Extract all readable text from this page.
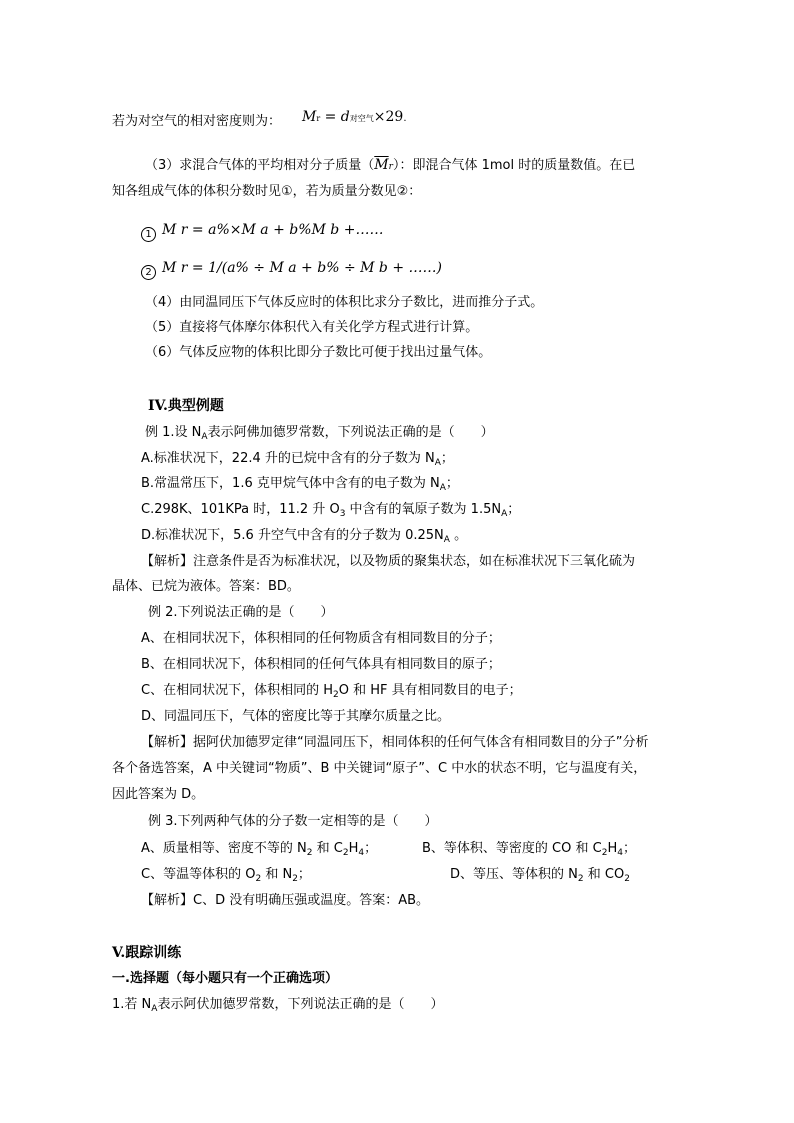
若为对空气的相对密度则为： Mr = d对空气×29.
（3）求混合气体的平均相对分子质量$(\overline{M}r)$：即混合气体 1mol 时的质量数值。在已
知各组成气体的体积分数时见①，若为质量分数见②：
1 M r = a%×M a + b%M b +……
2 M r = 1/(a% ÷ M a + b% ÷ M b + ……)
（4）由同温同压下气体反应时的体积比求分子数比，进而推分子式。
（5）直接将气体摩尔体积代入有关化学方程式进行计算。
（6）气体反应物的体积比即分子数比可便于找出过量气体。
IV.典型例题
例 1.设 $N_A$表示阿佛加德罗常数，下列说法正确的是（　　）
A.标准状况下，22.4 升的已烷中含有的分子数为 $N_A$；
B.常温常压下，1.6 克甲烷气体中含有的电子数为 $N_A$；
C.298K、101KPa 时，11.2 升 $O_3$ 中含有的氧原子数为 $1.5N_A$；
D.标准状况下，5.6 升空气中含有的分子数为 $0.25N_A$ 。
【解析】注意条件是否为标准状况，以及物质的聚集状态，如在标准状况下三氧化硫为
晶体、已烷为液体。答案：BD。
例 2.下列说法正确的是（　　）
A、在相同状况下，体积相同的任何物质含有相同数目的分子；
B、在相同状况下，体积相同的任何气体具有相同数目的原子；
C、在相同状况下，体积相同的 $H_2O$ 和 HF 具有相同数目的电子；
D、同温同压下，气体的密度比等于其摩尔质量之比。
【解析】据阿伏加德罗定律“同温同压下，相同体积的任何气体含有相同数目的分子”分析
各个备选答案，A 中关键词“物质”、B 中关键词“原子”、C 中水的状态不明，它与温度有关，
因此答案为 D。
例 3.下列两种气体的分子数一定相等的是（　　）
A、质量相等、密度不等的 $N_2$ 和 $C_2H_4$；	B、等体积、等密度的 CO 和 $C_2H_4$；
C、等温等体积的 $O_2$ 和 $N_2$；	D、等压、等体积的 $N_2$ 和 $CO_2$
【解析】C、D 没有明确压强或温度。答案：AB。
V.跟踪训练
一.选择题（每小题只有一个正确选项）
1.若 $N_A$表示阿伏加德罗常数，下列说法正确的是（　　）
